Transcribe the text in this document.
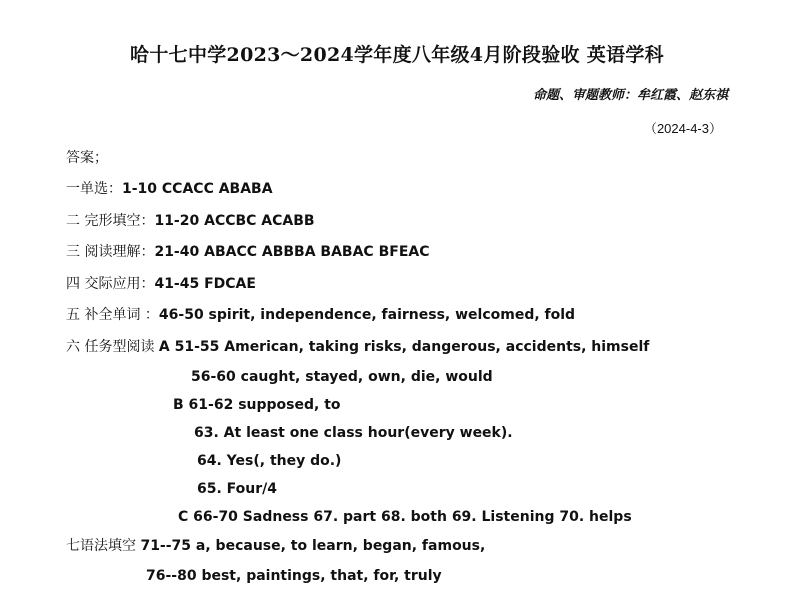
哈十七中学2023～2024学年度八年级4月阶段验收 英语学科
命题、审题教师：牟红霞、赵东祺
（2024-4-3）
答案；
一单选：1-10 CCACC ABABA
二 完形填空：11-20 ACCBC ACABB
三 阅读理解：21-40 ABACC ABBBA BABAC BFEAC
四 交际应用：41-45 FDCAE
五 补全单词 ：46-50 spirit, independence, fairness, welcomed, fold
六 任务型阅读 A 51-55 American, taking risks, dangerous, accidents, himself
56-60 caught, stayed, own, die, would
B 61-62 supposed, to
63. At least one class hour(every week).
64. Yes(, they do.)
65. Four/4
C 66-70 Sadness 67. part 68. both 69. Listening 70. helps
七语法填空 71--75 a, because, to learn, began, famous,
76--80 best, paintings, that, for, truly
